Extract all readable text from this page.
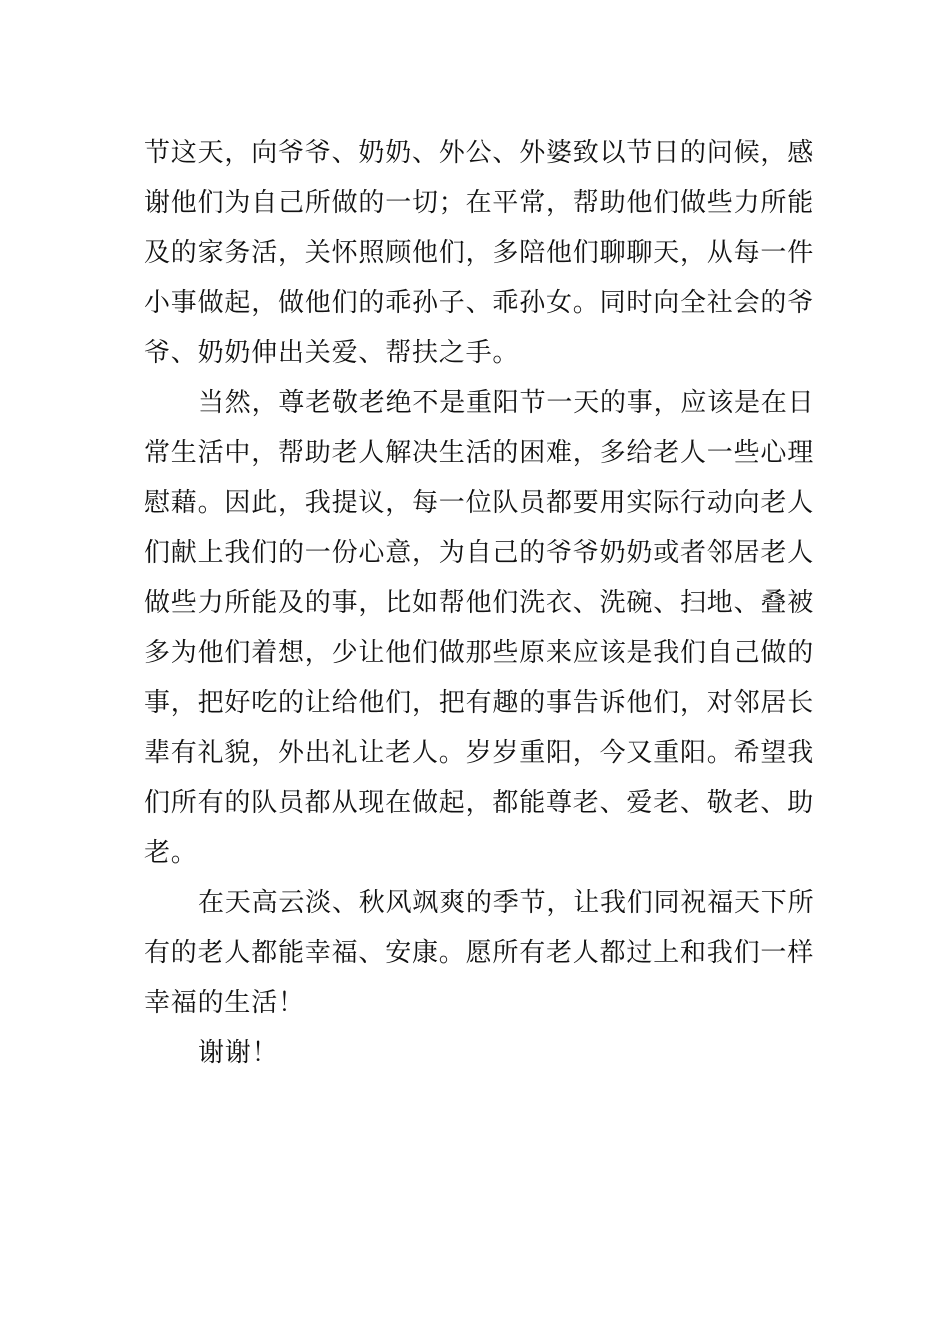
节这天，向爷爷、奶奶、外公、外婆致以节日的问候，感
谢他们为自己所做的一切；在平常，帮助他们做些力所能
及的家务活，关怀照顾他们，多陪他们聊聊天，从每一件
小事做起，做他们的乖孙子、乖孙女。同时向全社会的爷
爷、奶奶伸出关爱、帮扶之手。
当然，尊老敬老绝不是重阳节一天的事，应该是在日
常生活中，帮助老人解决生活的困难，多给老人一些心理
慰藉。因此，我提议，每一位队员都要用实际行动向老人
们献上我们的一份心意，为自己的爷爷奶奶或者邻居老人
做些力所能及的事，比如帮他们洗衣、洗碗、扫地、叠被
多为他们着想，少让他们做那些原来应该是我们自己做的
事，把好吃的让给他们，把有趣的事告诉他们，对邻居长
辈有礼貌，外出礼让老人。岁岁重阳，今又重阳。希望我
们所有的队员都从现在做起，都能尊老、爱老、敬老、助
老。
在天高云淡、秋风飒爽的季节，让我们同祝福天下所
有的老人都能幸福、安康。愿所有老人都过上和我们一样
幸福的生活！
谢谢！
